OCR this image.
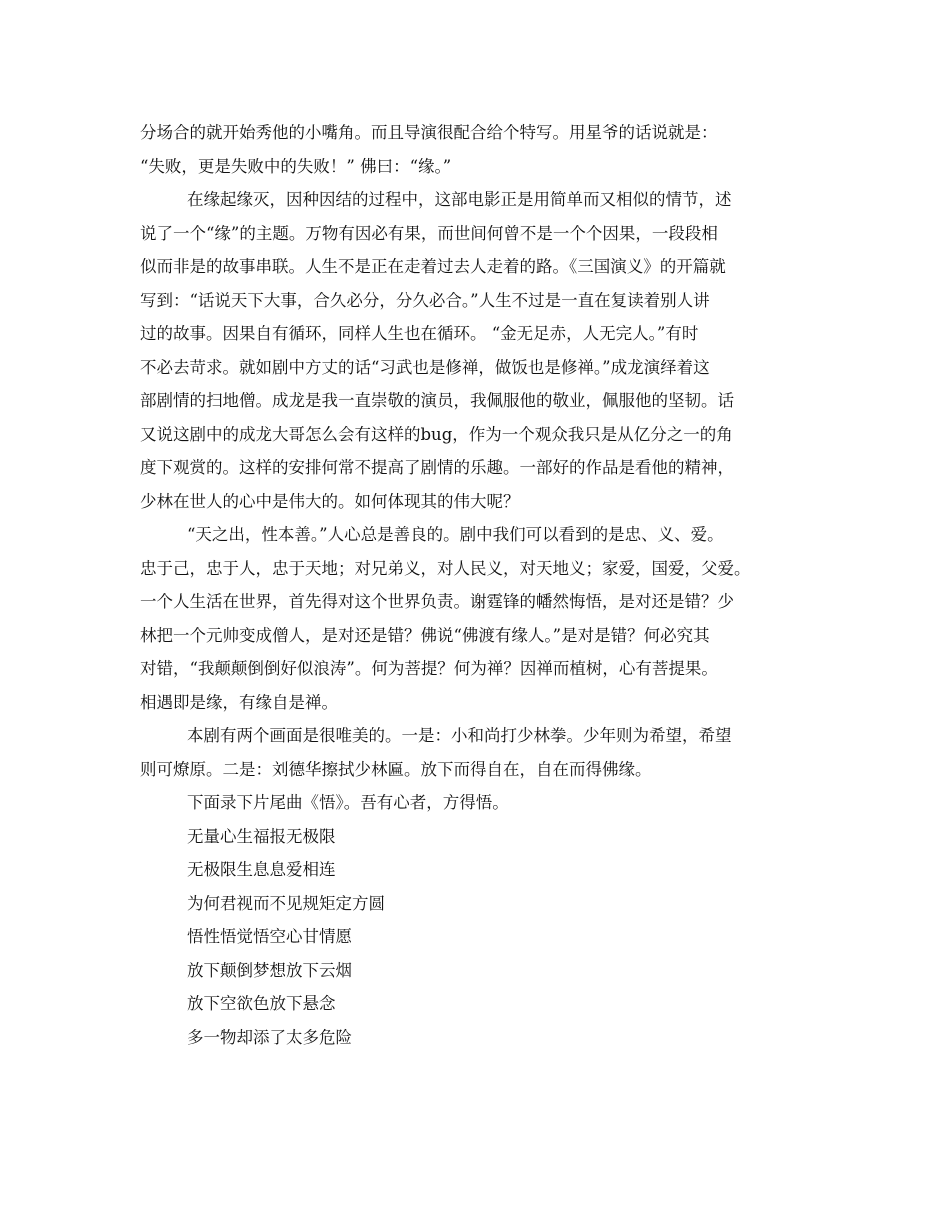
分场合的就开始秀他的小嘴角。而且导演很配合给个特写。用星爷的话说就是：
“失败，更是失败中的失败！” 佛曰：“缘。”
在缘起缘灭，因种因结的过程中，这部电影正是用简单而又相似的情节，述
说了一个“缘”的主题。万物有因必有果，而世间何曾不是一个个因果，一段段相
似而非是的故事串联。人生不是正在走着过去人走着的路。《三国演义》的开篇就
写到：“话说天下大事，合久必分，分久必合。”人生不过是一直在复读着别人讲
过的故事。因果自有循环，同样人生也在循环。 “金无足赤，人无完人。”有时
不必去苛求。就如剧中方丈的话“习武也是修禅，做饭也是修禅。”成龙演绎着这
部剧情的扫地僧。成龙是我一直崇敬的演员，我佩服他的敬业，佩服他的坚韧。话
又说这剧中的成龙大哥怎么会有这样的bug，作为一个观众我只是从亿分之一的角
度下观赏的。这样的安排何常不提高了剧情的乐趣。一部好的作品是看他的精神，
少林在世人的心中是伟大的。如何体现其的伟大呢？
“天之出，性本善。”人心总是善良的。剧中我们可以看到的是忠、义、爱。
忠于己，忠于人，忠于天地；对兄弟义，对人民义，对天地义；家爱，国爱，父爱。
一个人生活在世界，首先得对这个世界负责。谢霆锋的幡然悔悟，是对还是错？少
林把一个元帅变成僧人，是对还是错？佛说“佛渡有缘人。”是对是错？何必究其
对错，“我颠颠倒倒好似浪涛”。何为菩提？何为禅？因禅而植树，心有菩提果。
相遇即是缘，有缘自是禅。
本剧有两个画面是很唯美的。一是：小和尚打少林拳。少年则为希望，希望
则可燎原。二是：刘德华擦拭少林匾。放下而得自在，自在而得佛缘。
下面录下片尾曲《悟》。吾有心者，方得悟。
无量心生福报无极限
无极限生息息爱相连
为何君视而不见规矩定方圆
悟性悟觉悟空心甘情愿
放下颠倒梦想放下云烟
放下空欲色放下悬念
多一物却添了太多危险
